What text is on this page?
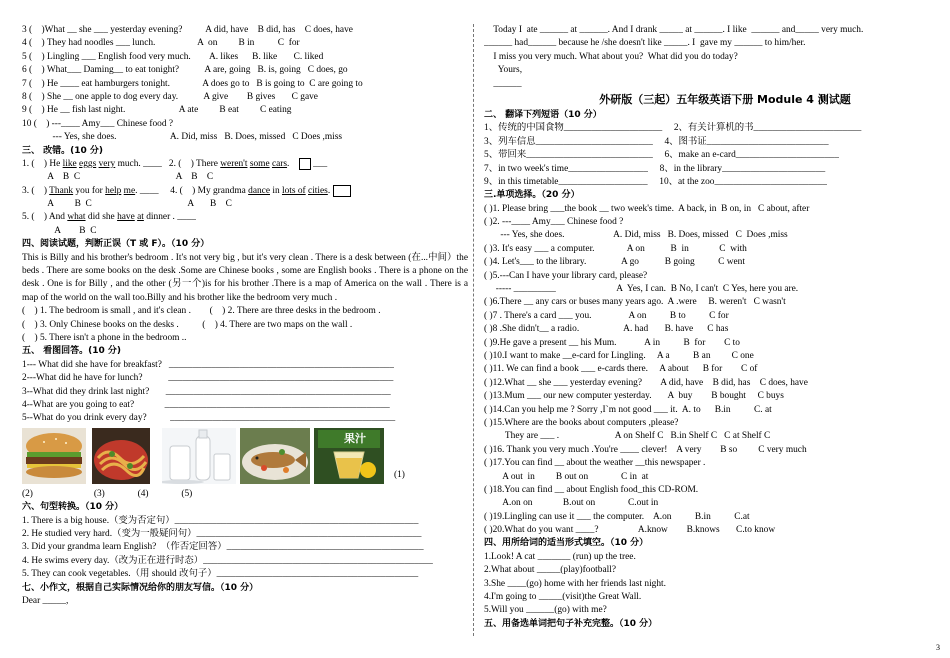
3 (    )What __ she ___ yesterday evening?          A did, have    B did, has    C does, have
4 (    ) They had noodles ___ lunch.                  A  on         B in          C  for
5 (    ) Lingling ___ English food very much.        A. likes      B. like       C. liked
6 (    ) What___ Daming__ to eat tonight?           A are, going   B. is, going   C does, go
7 (    ) He ____ eat hamburgers tonight.              A does go to   B is going to  C are going to
8 (    ) She __ one apple to dog every day.           A give        B gives       C gave
9 (    ) He __ fish last night.                       A ate         B eat         C eating
10 (    ) ---____ Amy___ Chinese food ?
--- Yes, she does.                       A. Did, miss   B. Does, missed   C Does ,miss
三、 改错。(10 分)
1. (    ) He like eggs very much. ____   2. (    ) There weren't some cars.     ___
A    B  C                                         A    B    C
3. (    ) Thank you for help me. ____     4. (    ) My grandma dance in lots of cities.
A         B  C                                         A       B    C
5. (    ) And what did she have at dinner . ____
A        B  C
四、阅读试题，判断正误（T 或 F）。（10 分）
This is Billy and his brother's bedroom . It's not very big , but it's very clean . There is a desk between (在...中间）the beds . There are some books on the desk .Some are Chinese books , some are English books . There is a phone on the desk . One is for Billy , and the other (另一个)is for his brother .There is a map of America on the wall . There is a map of the world on the wall too.Billy and his brother like the bedroom very much .
(    ) 1. The bedroom is small , and it's clean .        (    ) 2. There are three desks in the bedroom .
(    ) 3. Only Chinese books on the desks .          (    ) 4. There are two maps on the wall .
(    ) 5. There isn't a phone in the bedroom ..
五、 看图回答。(10 分)
1--- What did she have for breakfast?   ________________________________________________
2---What did he have for lunch?           ________________________________________________
3--What did they drink last night?       ________________________________________________
4--What are you going to eat?             ________________________________________________
5--What do you drink every day?          ________________________________________________
果汁
(1)
(2)                          (3)              (4)              (5)
六、句型转换。（10 分）
1. There is a big house.（变为否定句）____________________________________________________
2. He studied very hard.（变为一般疑问句）________________________________________________
3. Did your grandma learn English?  （作否定回答）__________________________________________
4. He swims every day.（改为正在进行时态）_________________________________________________
5. They can cook vegetables.（用 should 改句子）___________________________________________
七、小作文，根据自己实际情况给你的朋友写信。（10 分）
Dear _____,
Today I  ate ______ at ______. And I drank _____ at ______. I like  ______ and_____ very much.
______ had______ because he /she doesn't like _____. I  gave my ______ to him/her.
I miss you very much. What about you?  What did you do today?
Yours,
______
外研版（三起）五年级英语下册 Module 4 测试题
二、 翻译下列短语（10 分）
1、传统的中国食物_____________________     2、有关计算机的书_______________________
3、列车信息_________________________     4、图书证__________________________
5、带回来___________________________     6、make an e-card______________________
7、in two week's time_________________     8、in the library______________________
9、in this timetable___________________     10、at the zoo________________________
三.单项选择。（20 分）
( )1. Please bring ___the book __ two week's time.  A back, in  B on, in   C about, after
( )2. ---____ Amy___ Chinese food ?
--- Yes, she does.                     A. Did, miss   B. Does, missed   C  Does ,miss
( )3. It's easy ___ a computer.              A on           B  in             C  with
( )4. Let's___ to the library.               A go           B going          C went
( )5.---Can I have your library card, please?
----- _________                          A  Yes, I can.  B No, I can't  C Yes, here you are.
( )6.There __ any cars or buses many years ago.  A .were     B. weren't   C wasn't
( )7 . There's a card ___ you.                A on          B to          C for
( )8 .She didn't__ a radio.                   A. had       B. have      C has
( )9.He gave a present __ his Mum.            A in          B  for        C to
( )10.I want to make __e-card for Lingling.     A a          B an         C one
( )11. We can find a book ___ e-cards there.     A about      B for        C of
( )12.What __ she ___ yesterday evening?        A did, have    B did, has    C does, have
( )13.Mum ___ our new computer yesterday.       A  buy        B bought     C buys
( )14.Can you help me ? Sorry ,I`m not good ___ it.  A. to      B.in          C. at
( )15.Where are the books about computers ,please?
They are ___ .                        A on Shelf C   B.in Shelf C   C at Shelf C
( )16. Thank you very much .You're ____ clever!    A very        B so         C very much
( )17.You can find __ about the weather __this newspaper .
A out  in         B out on              C in  at
( )18.You can find __ about English food_this CD-ROM.
A.on on             B.out on              C.out in
( )19.Lingling can use it ___ the computer.    A.on          B.in          C.at
( )20.What do you want ____?                 A.know        B.knows       C.to know
四、用所给词的适当形式填空。（10 分）
1.Look! A cat _______ (run) up the tree.
2.What about _____(play)football?
3.She ____(go) home with her friends last night.
4.I'm going to _____(visit)the Great Wall.
5.Will you ______(go) with me?
五、用备选单词把句子补充完整。（10 分）
3
